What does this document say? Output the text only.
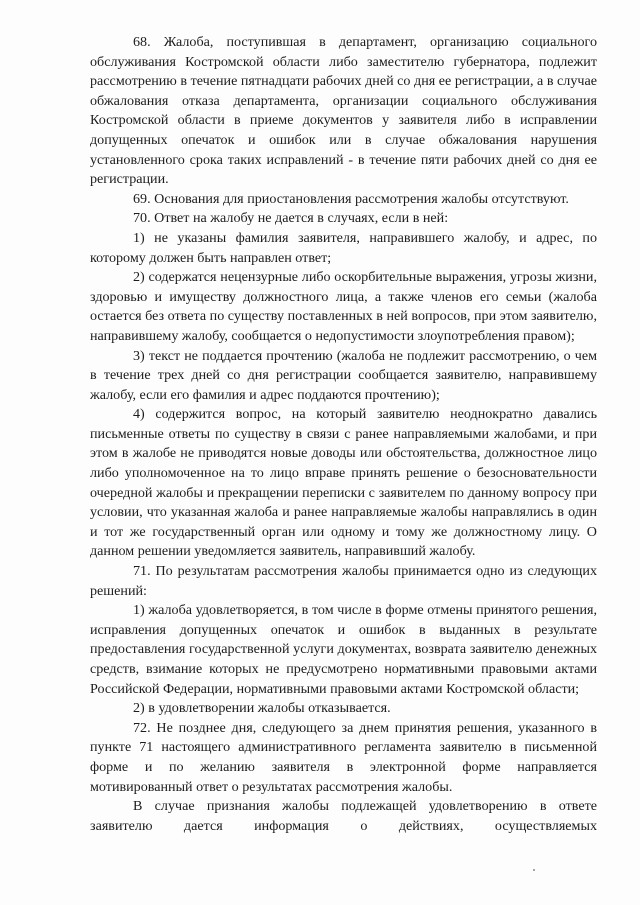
68. Жалоба, поступившая в департамент, организацию социального обслуживания Костромской области либо заместителю губернатора, подлежит рассмотрению в течение пятнадцати рабочих дней со дня ее регистрации, а в случае обжалования отказа департамента, организации социального обслуживания Костромской области в приеме документов у заявителя либо в исправлении допущенных опечаток и ошибок или в случае обжалования нарушения установленного срока таких исправлений - в течение пяти рабочих дней со дня ее регистрации.

69. Основания для приостановления рассмотрения жалобы отсутствуют.

70. Ответ на жалобу не дается в случаях, если в ней:

1) не указаны фамилия заявителя, направившего жалобу, и адрес, по которому должен быть направлен ответ;

2) содержатся нецензурные либо оскорбительные выражения, угрозы жизни, здоровью и имуществу должностного лица, а также членов его семьи (жалоба остается без ответа по существу поставленных в ней вопросов, при этом заявителю, направившему жалобу, сообщается о недопустимости злоупотребления правом);

3) текст не поддается прочтению (жалоба не подлежит рассмотрению, о чем в течение трех дней со дня регистрации сообщается заявителю, направившему жалобу, если его фамилия и адрес поддаются прочтению);

4) содержится вопрос, на который заявителю неоднократно давались письменные ответы по существу в связи с ранее направляемыми жалобами, и при этом в жалобе не приводятся новые доводы или обстоятельства, должностное лицо либо уполномоченное на то лицо вправе принять решение о безосновательности очередной жалобы и прекращении переписки с заявителем по данному вопросу при условии, что указанная жалоба и ранее направляемые жалобы направлялись в один и тот же государственный орган или одному и тому же должностному лицу. О данном решении уведомляется заявитель, направивший жалобу.

71. По результатам рассмотрения жалобы принимается одно из следующих решений:

1) жалоба удовлетворяется, в том числе в форме отмены принятого решения, исправления допущенных опечаток и ошибок в выданных в результате предоставления государственной услуги документах, возврата заявителю денежных средств, взимание которых не предусмотрено нормативными правовыми актами Российской Федерации, нормативными правовыми актами Костромской области;

2) в удовлетворении жалобы отказывается.

72. Не позднее дня, следующего за днем принятия решения, указанного в пункте 71 настоящего административного регламента заявителю в письменной форме и по желанию заявителя в электронной форме направляется мотивированный ответ о результатах рассмотрения жалобы.

В случае признания жалобы подлежащей удовлетворению в ответе заявителю дается информация о действиях, осуществляемых
